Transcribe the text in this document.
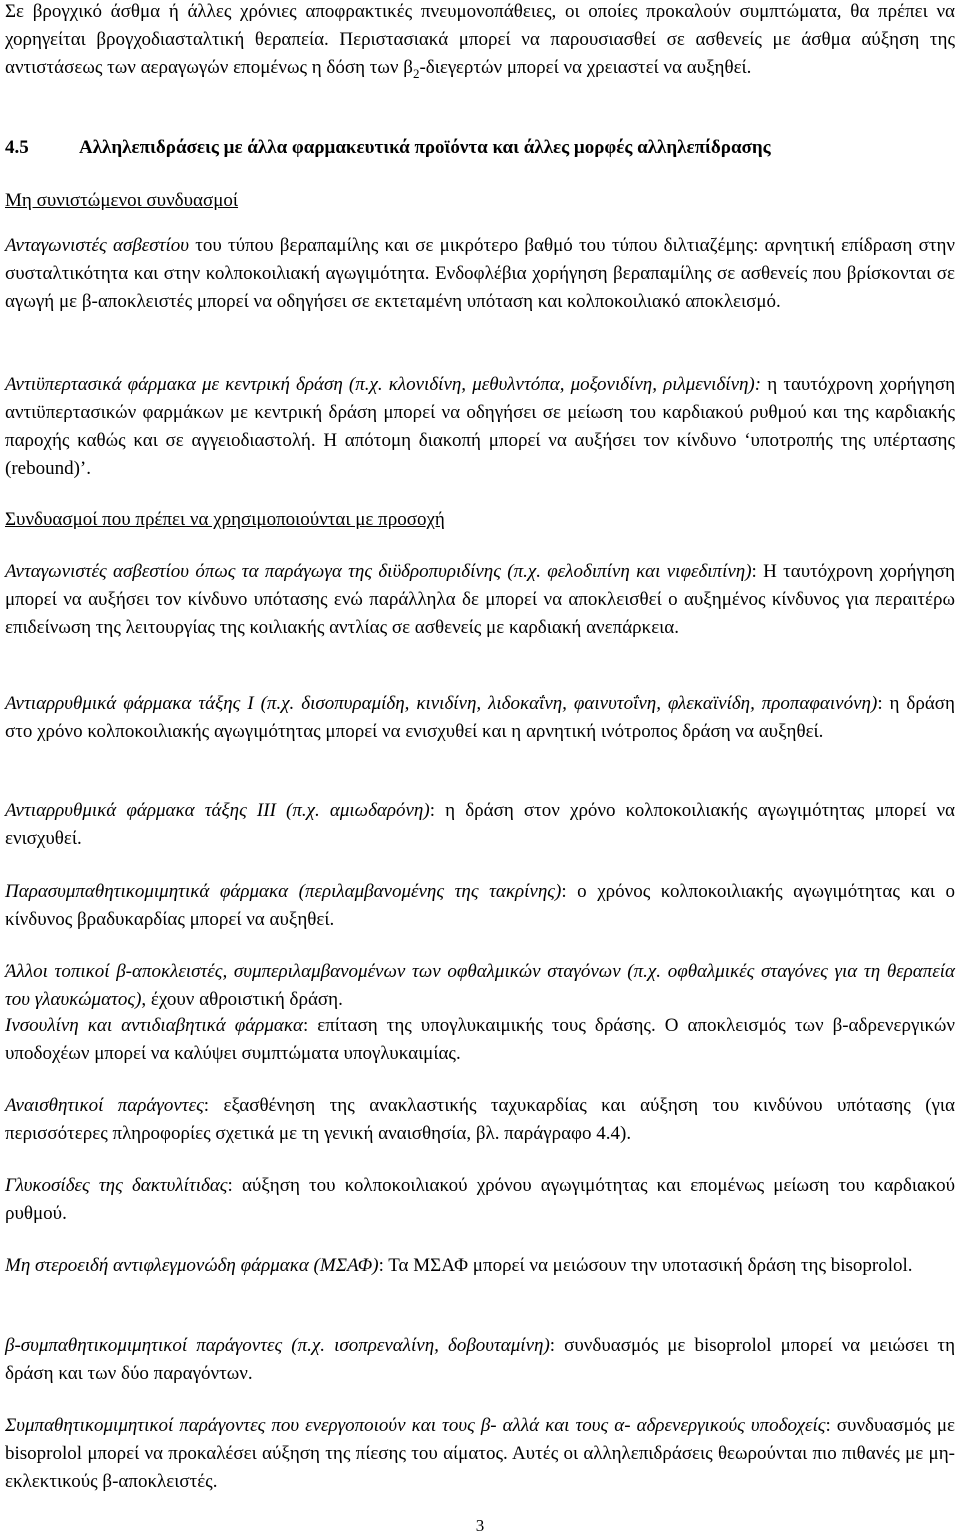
Σε βρογχικό άσθμα ή άλλες χρόνιες αποφρακτικές πνευμονοπάθειες, οι οποίες προκαλούν συμπτώματα, θα πρέπει να χορηγείται βρογχοδιασταλτική θεραπεία. Περιστασιακά μπορεί να παρουσιασθεί σε ασθενείς με άσθμα αύξηση της αντιστάσεως των αεραγωγών επομένως η δόση των $\beta_2$-διεγερτών μπορεί να χρειαστεί να αυξηθεί.

4.5	Αλληλεπιδράσεις με άλλα φαρμακευτικά προϊόντα και άλλες μορφές αλληλεπίδρασης
Μη συνιστώμενοι συνδυασμοί

Ανταγωνιστές ασβεστίου του τύπου βεραπαμίλης και σε μικρότερο βαθμό του τύπου διλτιαζέμης: αρνητική επίδραση στην συσταλτικότητα και στην κολποκοιλιακή αγωγιμότητα. Ενδοφλέβια χορήγηση βεραπαμίλης σε ασθενείς που βρίσκονται σε αγωγή με β-αποκλειστές μπορεί να οδηγήσει σε εκτεταμένη υπόταση και κολποκοιλιακό αποκλεισμό.

Αντιϋπερτασικά φάρμακα με κεντρική δράση (π.χ. κλονιδίνη, μεθυλντόπα, μοξονιδίνη, ριλμενιδίνη): η ταυτόχρονη χορήγηση αντιϋπερτασικών φαρμάκων με κεντρική δράση μπορεί να οδηγήσει σε μείωση του καρδιακού ρυθμού και της καρδιακής παροχής καθώς και σε αγγειοδιαστολή. Η απότομη διακοπή μπορεί να αυξήσει τον κίνδυνο ‘υποτροπής της υπέρτασης (rebound)’.

Συνδυασμοί που πρέπει να χρησιμοποιούνται με προσοχή

Ανταγωνιστές ασβεστίου όπως τα παράγωγα της διϋδροπυριδίνης (π.χ. φελοδιπίνη και νιφεδιπίνη): Η ταυτόχρονη χορήγηση μπορεί να αυξήσει τον κίνδυνο υπότασης ενώ παράλληλα δε μπορεί να αποκλεισθεί ο αυξημένος κίνδυνος για περαιτέρω επιδείνωση της λειτουργίας της κοιλιακής αντλίας σε ασθενείς με καρδιακή ανεπάρκεια.

Αντιαρρυθμικά φάρμακα τάξης Ι (π.χ. δισοπυραμίδη, κινιδίνη, λιδοκαΐνη, φαινυτοΐνη, φλεκαϊνίδη, προπαφαινόνη): η δράση στο χρόνο κολποκοιλιακής αγωγιμότητας μπορεί να ενισχυθεί και η αρνητική ινότροπος δράση να αυξηθεί.

Αντιαρρυθμικά φάρμακα τάξης ΙΙΙ (π.χ. αμιωδαρόνη): η δράση στον χρόνο κολποκοιλιακής αγωγιμότητας μπορεί να ενισχυθεί.

Παρασυμπαθητικομιμητικά φάρμακα (περιλαμβανομένης της τακρίνης): ο χρόνος κολποκοιλιακής αγωγιμότητας και ο κίνδυνος βραδυκαρδίας μπορεί να αυξηθεί.

Άλλοι τοπικοί β-αποκλειστές, συμπεριλαμβανομένων των οφθαλμικών σταγόνων (π.χ. οφθαλμικές σταγόνες για τη θεραπεία του γλαυκώματος), έχουν αθροιστική δράση.

Ινσουλίνη και αντιδιαβητικά φάρμακα: επίταση της υπογλυκαιμικής τους δράσης. Ο αποκλεισμός των β-αδρενεργικών υποδοχέων μπορεί να καλύψει συμπτώματα υπογλυκαιμίας.

Αναισθητικοί παράγοντες: εξασθένηση της ανακλαστικής ταχυκαρδίας και αύξηση του κινδύνου υπότασης (για περισσότερες πληροφορίες σχετικά με τη γενική αναισθησία, βλ. παράγραφο 4.4).

Γλυκοσίδες της δακτυλίτιδας: αύξηση του κολποκοιλιακού χρόνου αγωγιμότητας και επομένως μείωση του καρδιακού ρυθμού.

Μη στεροειδή αντιφλεγμονώδη φάρμακα (ΜΣΑΦ): Τα ΜΣΑΦ μπορεί να μειώσουν την υποτασική δράση της bisoprolol.

β-συμπαθητικομιμητικοί παράγοντες (π.χ. ισοπρεναλίνη, δοβουταμίνη): συνδυασμός με bisoprolol μπορεί να μειώσει τη δράση και των δύο παραγόντων.

Συμπαθητικομιμητικοί παράγοντες που ενεργοποιούν και τους β- αλλά και τους α- αδρενεργικούς υποδοχείς: συνδυασμός με bisoprolol μπορεί να προκαλέσει αύξηση της πίεσης του αίματος. Αυτές οι αλληλεπιδράσεις θεωρούνται πιο πιθανές με μη-εκλεκτικούς β-αποκλειστές.

3
